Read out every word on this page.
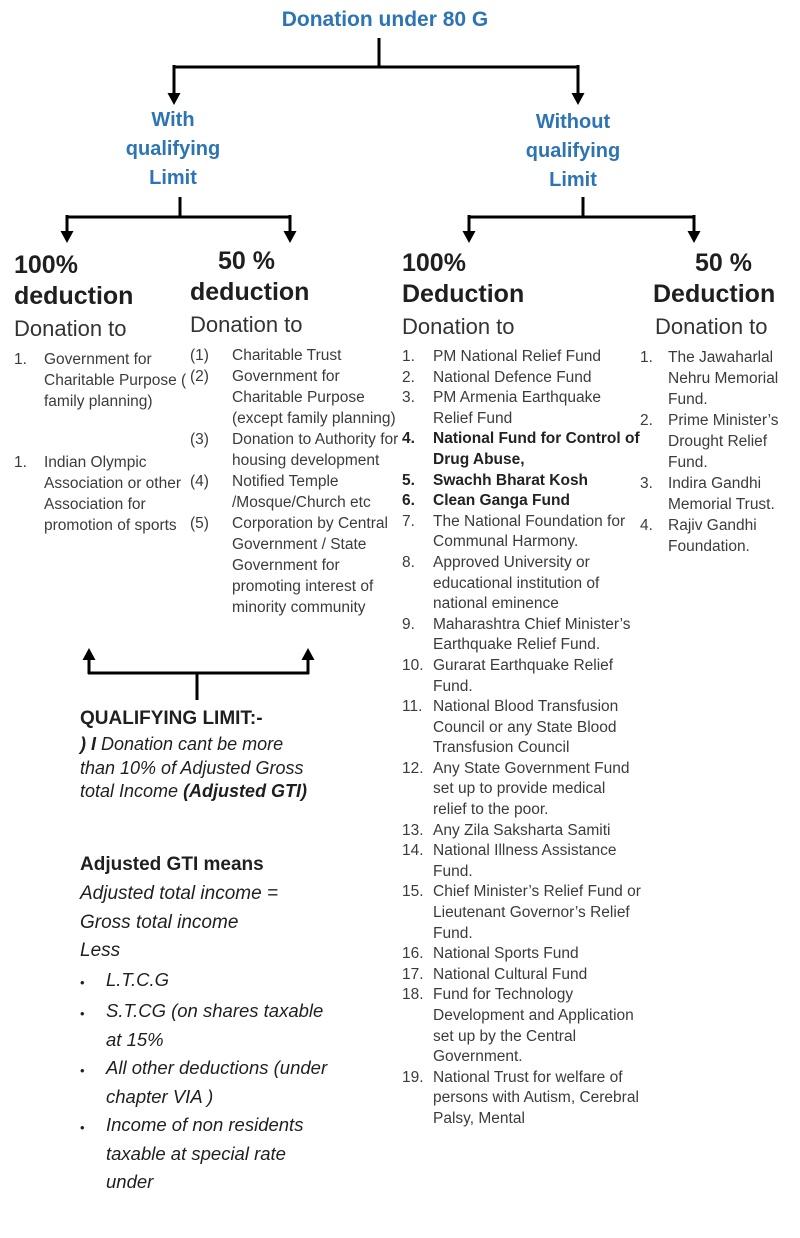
Donation under 80 G
With qualifying Limit
Without qualifying Limit
100%
deduction
Donation to
1.	Government for Charitable Purpose ( family planning)
1.	Indian Olympic Association or other Association for promotion of sports
50 %
deduction
Donation to
(1)	Charitable Trust
(2)	Government for Charitable Purpose (except family planning)
(3)	Donation to Authority for housing development
(4)	Notified Temple /Mosque/Church etc
(5)	Corporation by Central Government / State Government for promoting interest of minority community
100%
Deduction
Donation to
1.	PM National Relief Fund
2.	National Defence Fund
3.	PM Armenia Earthquake Relief Fund
4.	National Fund for Control of Drug Abuse,
5.	Swachh Bharat Kosh
6.	Clean Ganga Fund
7.	The National Foundation for Communal Harmony.
8.	Approved University or educational institution of national eminence
9.	Maharashtra Chief Minister’s Earthquake Relief Fund.
10. Gurarat Earthquake Relief Fund.
11. National Blood Transfusion Council or any State Blood Transfusion Council
12. Any State Government Fund set up to provide medical relief to the poor.
13. Any Zila Saksharta Samiti
14. National Illness Assistance Fund.
15. Chief Minister’s Relief Fund or Lieutenant Governor’s Relief Fund.
16. National Sports Fund
17. National Cultural Fund
18. Fund for Technology Development and Application set up by the Central Government.
19. National Trust for welfare of persons with Autism, Cerebral Palsy, Mental
50 %
Deduction
Donation to
1. The Jawaharlal Nehru Memorial Fund.
2. Prime Minister’s Drought Relief Fund.
3. Indira Gandhi Memorial Trust.
4. Rajiv Gandhi Foundation.
QUALIFYING LIMIT:-
) I Donation cant be more than 10% of Adjusted Gross total Income (Adjusted GTI)
Adjusted GTI means
Adjusted total income =
Gross total income
Less
•	L.T.C.G
•	S.T.CG (on shares taxable at 15%
•	All other deductions (under chapter VIA )
•	Income of non residents taxable at special rate under
